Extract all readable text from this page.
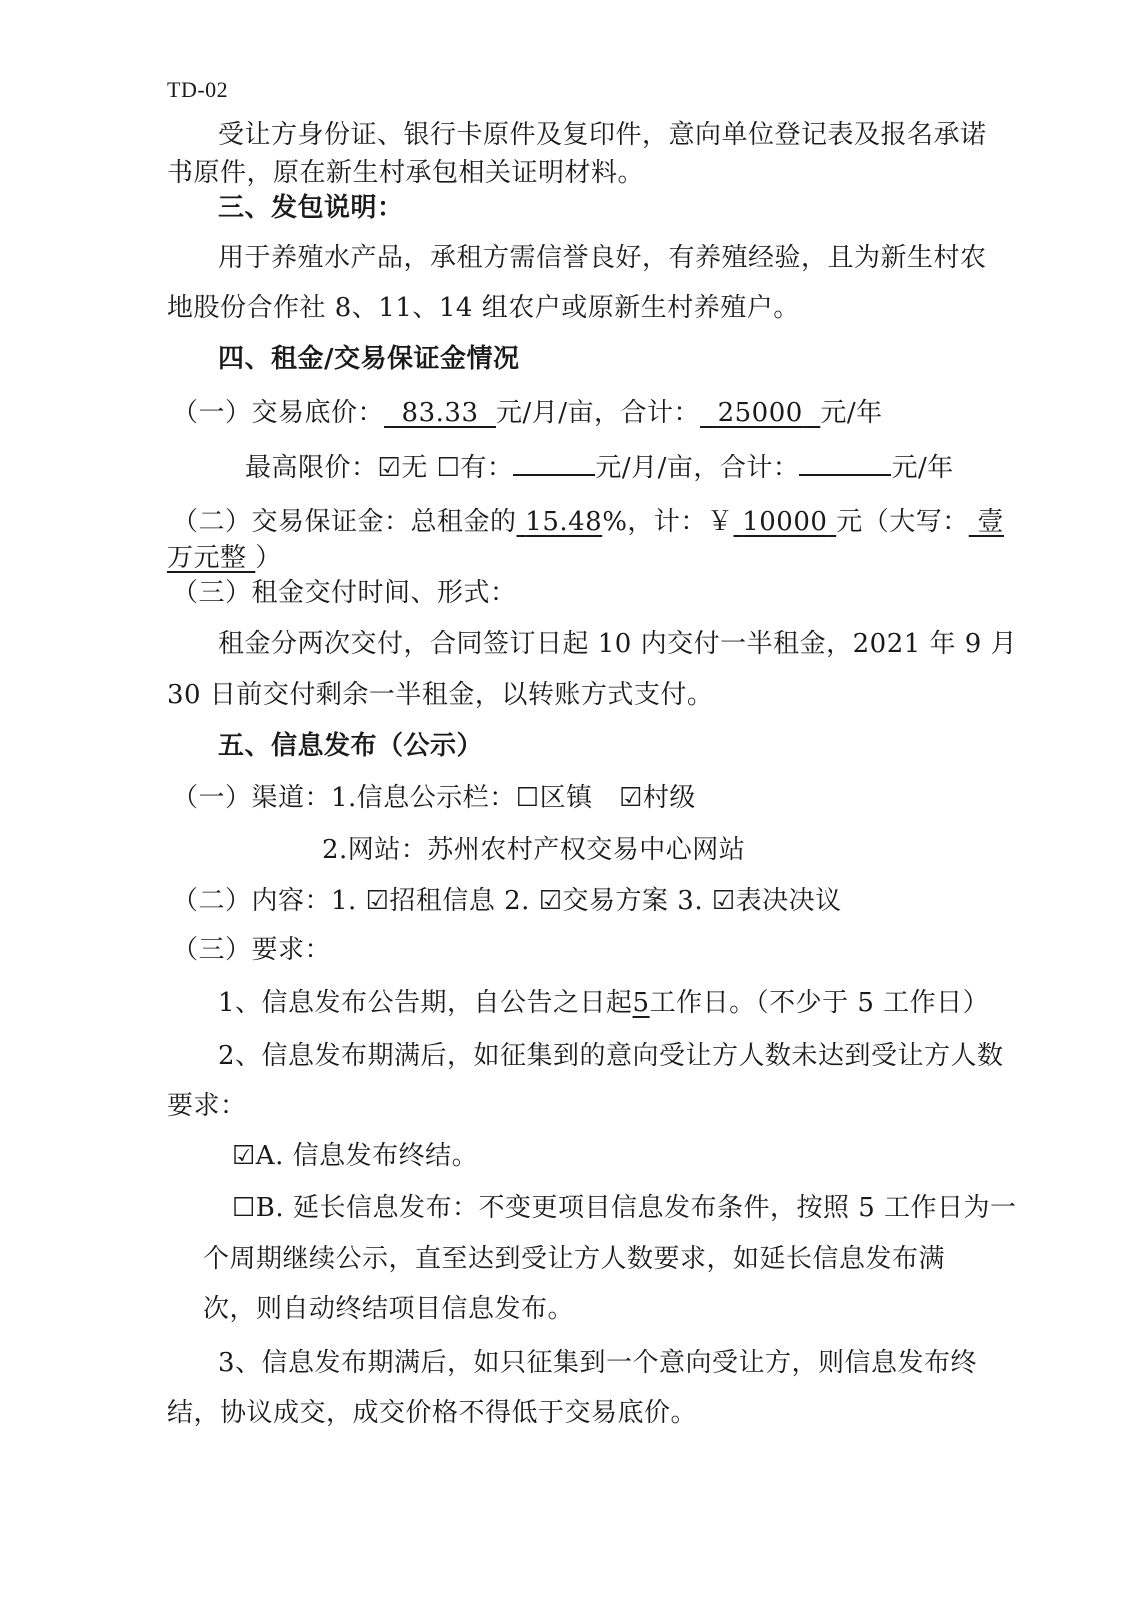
TD-02
受让方身份证、银行卡原件及复印件，意向单位登记表及报名承诺
书原件，原在新生村承包相关证明材料。
三、发包说明：
用于养殖水产品，承租方需信誉良好，有养殖经验，且为新生村农
地股份合作社 8、11、14 组农户或原新生村养殖户。
四、租金/交易保证金情况
（一）交易底价： 83.33 元/月/亩，合计： 25000 元/年
最高限价：☑无 ☐有：	元/月/亩，合计：	元/年
（二）交易保证金：总租金的 15.48%，计：￥ 10000 元（大写： 壹
万元整 ）
（三）租金交付时间、形式：
租金分两次交付，合同签订日起 10 内交付一半租金，2021 年 9 月
30 日前交付剩余一半租金，以转账方式支付。
五、信息发布（公示）
（一）渠道：1.信息公示栏：☐区镇　☑村级
2.网站：苏州农村产权交易中心网站
（二）内容：1. ☑招租信息 2. ☑交易方案 3. ☑表决决议
（三）要求：
1、信息发布公告期，自公告之日起5工作日。（不少于 5 工作日）
2、信息发布期满后，如征集到的意向受让方人数未达到受让方人数
要求：
☑A. 信息发布终结。
☐B. 延长信息发布：不变更项目信息发布条件，按照 5 工作日为一
个周期继续公示，直至达到受让方人数要求，如延长信息发布满
次，则自动终结项目信息发布。
3、信息发布期满后，如只征集到一个意向受让方，则信息发布终
结，协议成交，成交价格不得低于交易底价。
